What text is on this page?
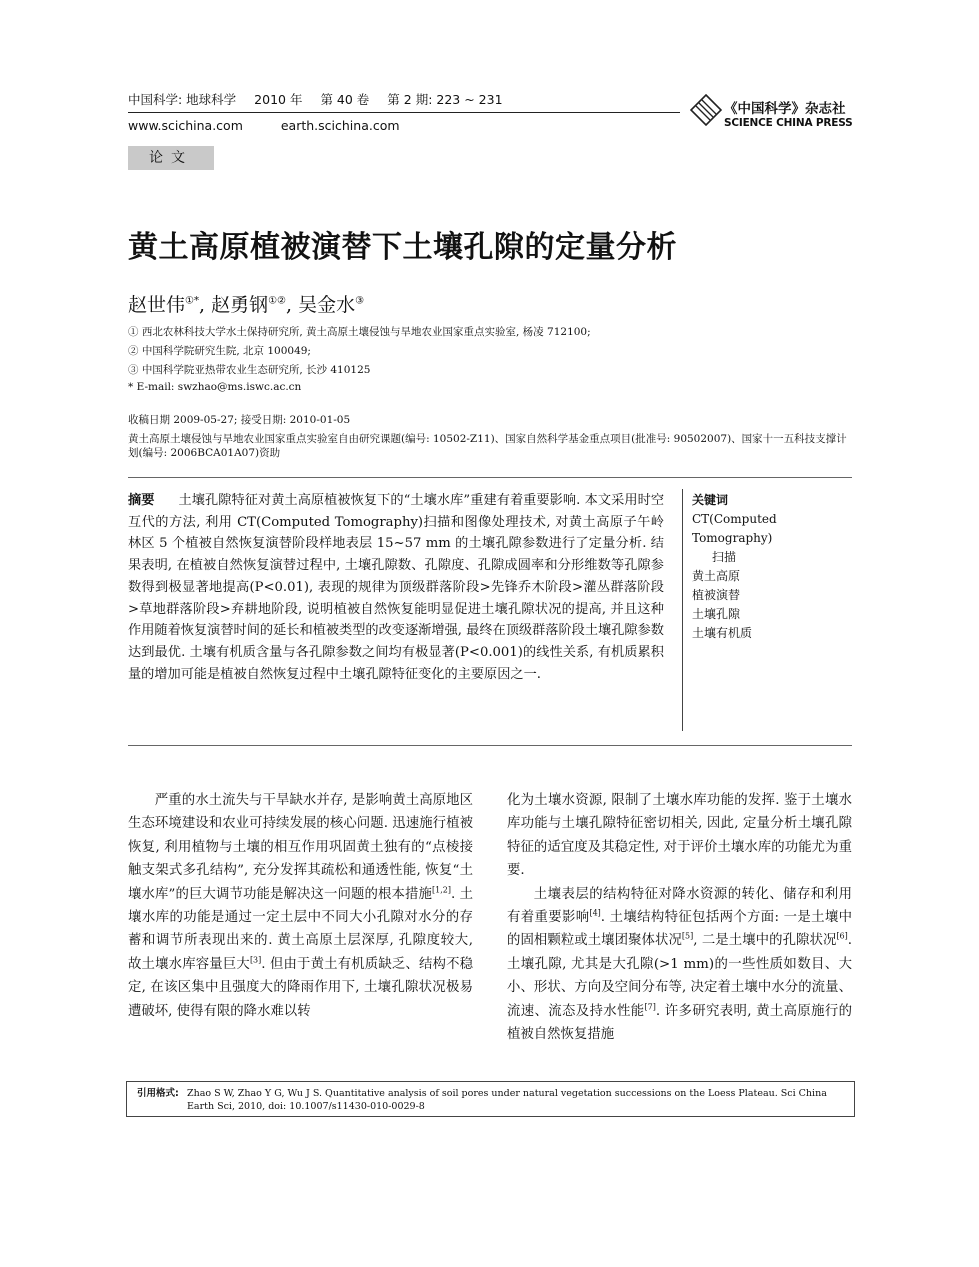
中国科学: 地球科学 2010 年 第 40 卷 第 2 期: 223 ~ 231
www.scichina.com	earth.scichina.com
《中国科学》杂志社
SCIENCE CHINA PRESS
论文
黄土高原植被演替下土壤孔隙的定量分析
赵世伟①*, 赵勇钢①②, 吴金水③
① 西北农林科技大学水土保持研究所, 黄土高原土壤侵蚀与旱地农业国家重点实验室, 杨凌 712100;
② 中国科学院研究生院, 北京 100049;
③ 中国科学院亚热带农业生态研究所, 长沙 410125
* E-mail: swzhao@ms.iswc.ac.cn
收稿日期 2009-05-27; 接受日期: 2010-01-05
黄土高原土壤侵蚀与旱地农业国家重点实验室自由研究课题(编号: 10502-Z11)、国家自然科学基金重点项目(批准号: 90502007)、国家十一五科技支撑计划(编号: 2006BCA01A07)资助
摘要 土壤孔隙特征对黄土高原植被恢复下的“土壤水库”重建有着重要影响. 本文采用时空互代的方法, 利用 CT(Computed Tomography)扫描和图像处理技术, 对黄土高原子午岭林区 5 个植被自然恢复演替阶段样地表层 15~57 mm 的土壤孔隙参数进行了定量分析. 结果表明, 在植被自然恢复演替过程中, 土壤孔隙数、孔隙度、孔隙成圆率和分形维数等孔隙参数得到极显著地提高(P<0.01), 表现的规律为顶级群落阶段>先锋乔木阶段>灌丛群落阶段>草地群落阶段>弃耕地阶段, 说明植被自然恢复能明显促进土壤孔隙状况的提高, 并且这种作用随着恢复演替时间的延长和植被类型的改变逐渐增强, 最终在顶级群落阶段土壤孔隙参数达到最优. 土壤有机质含量与各孔隙参数之间均有极显著(P<0.001)的线性关系, 有机质累积量的增加可能是植被自然恢复过程中土壤孔隙特征变化的主要原因之一.
关键词
CT(Computed Tomography)
扫描
黄土高原
植被演替
土壤孔隙
土壤有机质

严重的水土流失与干旱缺水并存, 是影响黄土高原地区生态环境建设和农业可持续发展的核心问题. 迅速施行植被恢复, 利用植物与土壤的相互作用巩固黄土独有的“点棱接触支架式多孔结构”, 充分发挥其疏松和通透性能, 恢复“土壤水库”的巨大调节功能是解决这一问题的根本措施[1,2]. 土壤水库的功能是通过一定土层中不同大小孔隙对水分的存蓄和调节所表现出来的. 黄土高原土层深厚, 孔隙度较大, 故土壤水库容量巨大[3]. 但由于黄土有机质缺乏、结构不稳定, 在该区集中且强度大的降雨作用下, 土壤孔隙状况极易遭破坏, 使得有限的降水难以转

化为土壤水资源, 限制了土壤水库功能的发挥. 鉴于土壤水库功能与土壤孔隙特征密切相关, 因此, 定量分析土壤孔隙特征的适宜度及其稳定性, 对于评价土壤水库的功能尤为重要.

土壤表层的结构特征对降水资源的转化、储存和利用有着重要影响[4]. 土壤结构特征包括两个方面: 一是土壤中的固相颗粒或土壤团聚体状况[5], 二是土壤中的孔隙状况[6]. 土壤孔隙, 尤其是大孔隙(>1 mm)的一些性质如数目、大小、形状、方向及空间分布等, 决定着土壤中水分的流量、流速、流态及持水性能[7]. 许多研究表明, 黄土高原施行的植被自然恢复措施

引用格式: Zhao S W, Zhao Y G, Wu J S. Quantitative analysis of soil pores under natural vegetation successions on the Loess Plateau. Sci China Earth Sci, 2010, doi: 10.1007/s11430-010-0029-8
